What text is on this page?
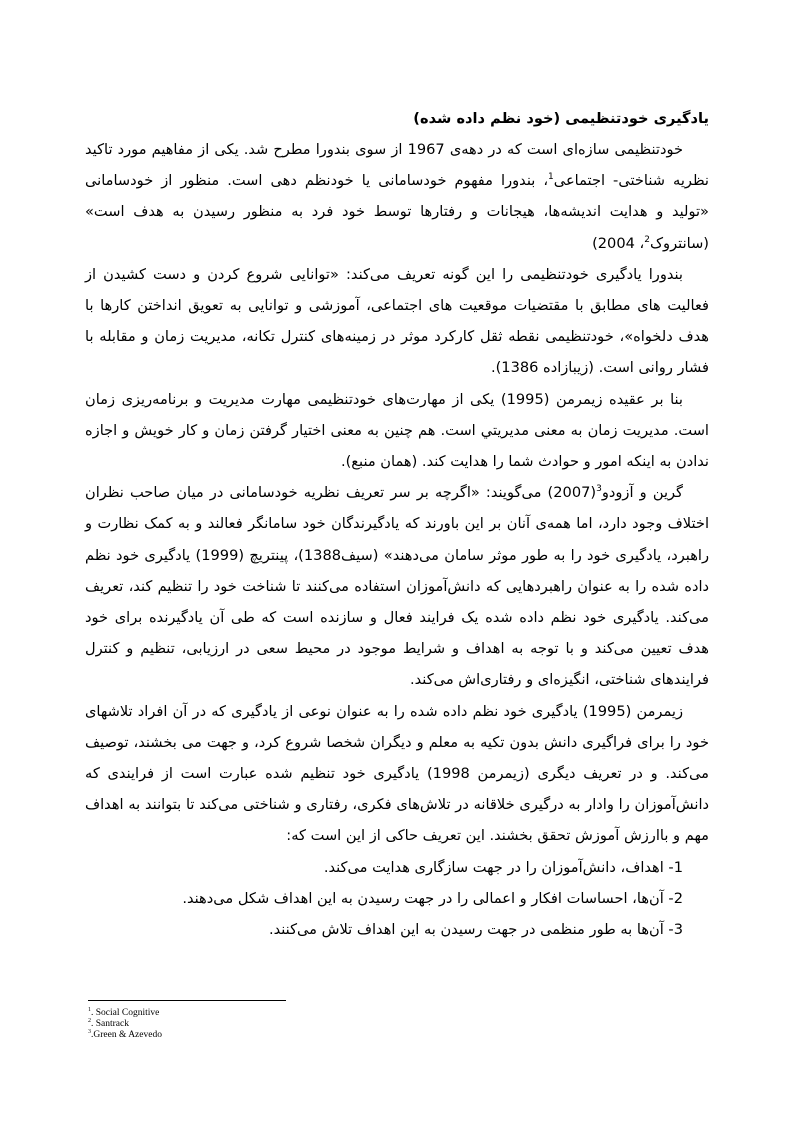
یادگیری خودتنظیمی (خود نظم داده شده)

خودتنظیمی سازه‌ای است که در دهه‌ی 1967 از سوی بندورا مطرح شد. یکی از مفاهیم مورد تاکید نظریه شناختی- اجتماعی$^1$، بندورا مفهوم خودسامانی یا خودنظم دهی است. منظور از خودسامانی «تولید و هدایت اندیشه‌ها، هیجانات و رفتارها توسط خود فرد به منظور رسیدن به هدف است» (سانتروک$^2$، 2004)

بندورا یادگیری خودتنظیمی را این گونه تعریف می‌کند: «توانایی شروع کردن و دست کشیدن از فعالیت های مطابق با مقتضیات موقعیت های اجتماعی، آموزشی و توانایی به تعویق انداختن کارها با هدف دلخواه»، خودتنظیمی نقطه ثقل کارکرد موثر در زمینه‌های کنترل تکانه، مدیریت زمان و مقابله با فشار روانی است. (زیبازاده 1386).

بنا بر عقیده زیمرمن (1995) یکی از مهارت‌های خودتنظیمی مهارت مدیریت و برنامه‌ریزی زمان است. مدیریت زمان به معنی مدیریتي است. هم چنین به معنی اختیار گرفتن زمان و کار خویش و اجازه ندادن به اینکه امور و حوادث شما را هدایت کند. (همان منبع).

گرین و آزودو$^3$(2007) می‌گویند: «اگرچه بر سر تعریف نظریه خودسامانی در میان صاحب نظران اختلاف وجود دارد، اما همه‌ی آنان بر این باورند که یادگیرندگان خود سامانگر فعالند و به کمک نظارت و راهبرد، یادگیری خود را به طور موثر سامان می‌دهند» (سیف1388)، پینتریچ (1999) یادگیری خود نظم داده شده را به عنوان راهبردهایی که دانش‌آموزان استفاده می‌کنند تا شناخت خود را تنظیم کند، تعریف می‌کند. یادگیری خود نظم داده شده یک فرایند فعال و سازنده است که طی آن یادگیرنده برای خود هدف تعیین می‌کند و با توجه به اهداف و شرایط موجود در محیط سعی در ارزیابی، تنظیم و کنترل فرایندهای شناختی، انگیزه‌ای و رفتاری‌اش می‌کند.

زیمرمن (1995) یادگیری خود نظم داده شده را به عنوان نوعی از یادگیری که در آن افراد تلاشهای خود را برای فراگیری دانش بدون تکیه به معلم و دیگران شخصا شروع کرد، و جهت می بخشند، توصیف می‌کند. و در تعریف دیگری (زیمرمن 1998) یادگیری خود تنظیم شده عبارت است از فرایندی که دانش‌آموزان را وادار به درگیری خلاقانه در تلاش‌های فکری، رفتاری و شناختی می‌کند تا بتوانند به اهداف مهم و باارزش آموزش تحقق بخشند. این تعریف حاکی از این است که:

1- اهداف، دانش‌آموزان را در جهت سازگاری هدایت می‌کند.
2- آن‌ها، احساسات افکار و اعمالی را در جهت رسیدن به این اهداف شکل می‌دهند.
3- آن‌ها به طور منظمی در جهت رسیدن به این اهداف تلاش می‌کنند.
$^1$. Social Cognitive
$^2$. Santrack
$^3$.Green & Azevedo
